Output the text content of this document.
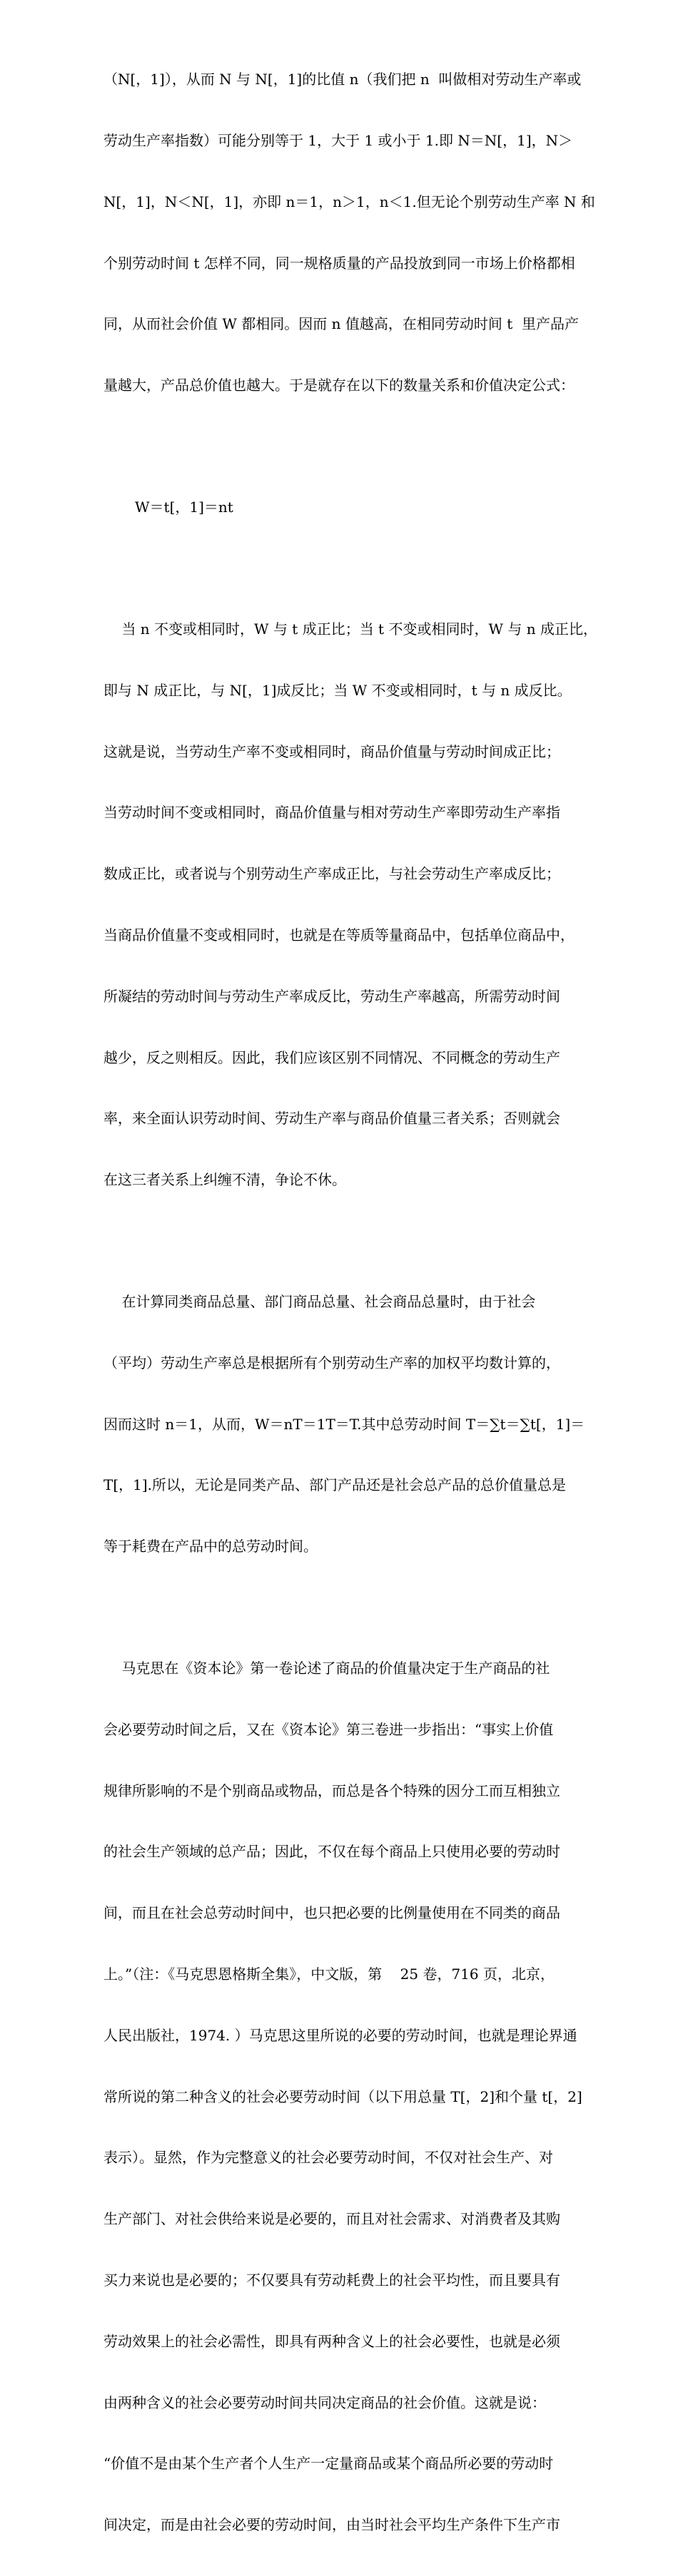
（N[，1]），从而 N 与 N[，1]的比值 n（我们把 n  叫做相对劳动生产率或

劳动生产率指数）可能分别等于 1，大于 1 或小于 1.即 N＝N[，1]，N＞

N[，1]，N＜N[，1]，亦即 n＝1，n＞1，n＜1.但无论个别劳动生产率 N 和

个别劳动时间 t 怎样不同，同一规格质量的产品投放到同一市场上价格都相

同，从而社会价值 W 都相同。因而 n 值越高，在相同劳动时间 t  里产品产

量越大，产品总价值也越大。于是就存在以下的数量关系和价值决定公式：

W＝t[，1]＝nt

当 n 不变或相同时，W 与 t 成正比；当 t 不变或相同时，W 与 n 成正比，

即与 N 成正比，与 N[，1]成反比；当 W 不变或相同时，t 与 n 成反比。

这就是说，当劳动生产率不变或相同时，商品价值量与劳动时间成正比；

当劳动时间不变或相同时，商品价值量与相对劳动生产率即劳动生产率指

数成正比，或者说与个别劳动生产率成正比，与社会劳动生产率成反比；

当商品价值量不变或相同时，也就是在等质等量商品中，包括单位商品中，

所凝结的劳动时间与劳动生产率成反比，劳动生产率越高，所需劳动时间

越少，反之则相反。因此，我们应该区别不同情况、不同概念的劳动生产

率，来全面认识劳动时间、劳动生产率与商品价值量三者关系；否则就会

在这三者关系上纠缠不清，争论不休。

在计算同类商品总量、部门商品总量、社会商品总量时，由于社会

（平均）劳动生产率总是根据所有个别劳动生产率的加权平均数计算的，

因而这时 n＝1，从而，W＝nT＝1T＝T.其中总劳动时间 T＝∑t＝∑t[，1]＝

T[，1].所以，无论是同类产品、部门产品还是社会总产品的总价值量总是

等于耗费在产品中的总劳动时间。

马克思在《资本论》第一卷论述了商品的价值量决定于生产商品的社

会必要劳动时间之后，又在《资本论》第三卷进一步指出：“事实上价值

规律所影响的不是个别商品或物品，而总是各个特殊的因分工而互相独立

的社会生产领域的总产品；因此，不仅在每个商品上只使用必要的劳动时

间，而且在社会总劳动时间中，也只把必要的比例量使用在不同类的商品

上。”（注：《马克思恩格斯全集》，中文版，第    25 卷，716 页，北京，

人民出版社，1974. ）马克思这里所说的必要的劳动时间，也就是理论界通

常所说的第二种含义的社会必要劳动时间（以下用总量 T[，2]和个量 t[，2]

表示）。显然，作为完整意义的社会必要劳动时间，不仅对社会生产、对

生产部门、对社会供给来说是必要的，而且对社会需求、对消费者及其购

买力来说也是必要的；不仅要具有劳动耗费上的社会平均性，而且要具有

劳动效果上的社会必需性，即具有两种含义上的社会必要性，也就是必须

由两种含义的社会必要劳动时间共同决定商品的社会价值。这就是说：

“价值不是由某个生产者个人生产一定量商品或某个商品所必要的劳动时

间决定，而是由社会必要的劳动时间，由当时社会平均生产条件下生产市
